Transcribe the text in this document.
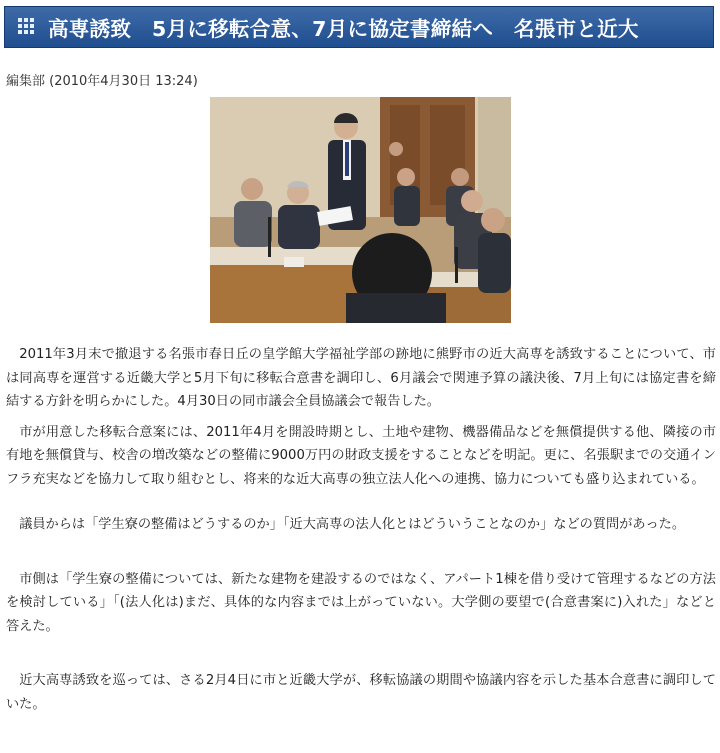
高専誘致　5月に移転合意、7月に協定書締結へ　名張市と近大
編集部 (2010年4月30日 13:24)

2011年3月末で撤退する名張市春日丘の皇学館大学福祉学部の跡地に熊野市の近大高専を誘致することについて、市は同高専を運営する近畿大学と5月下旬に移転合意書を調印し、6月議会で関連予算の議決後、7月上旬には協定書を締結する方針を明らかにした。4月30日の同市議会全員協議会で報告した。

市が用意した移転合意案には、2011年4月を開設時期とし、土地や建物、機器備品などを無償提供する他、隣接の市有地を無償貸与、校舎の増改築などの整備に9000万円の財政支援をすることなどを明記。更に、名張駅までの交通インフラ充実などを協力して取り組むとし、将来的な近大高専の独立法人化への連携、協力についても盛り込まれている。

議員からは「学生寮の整備はどうするのか」「近大高専の法人化とはどういうことなのか」などの質問があった。

市側は「学生寮の整備については、新たな建物を建設するのではなく、アパート1棟を借り受けて管理するなどの方法を検討している」「(法人化は)まだ、具体的な内容までは上がっていない。大学側の要望で(合意書案に)入れた」などと答えた。

近大高専誘致を巡っては、さる2月4日に市と近畿大学が、移転協議の期間や協議内容を示した基本合意書に調印していた。
